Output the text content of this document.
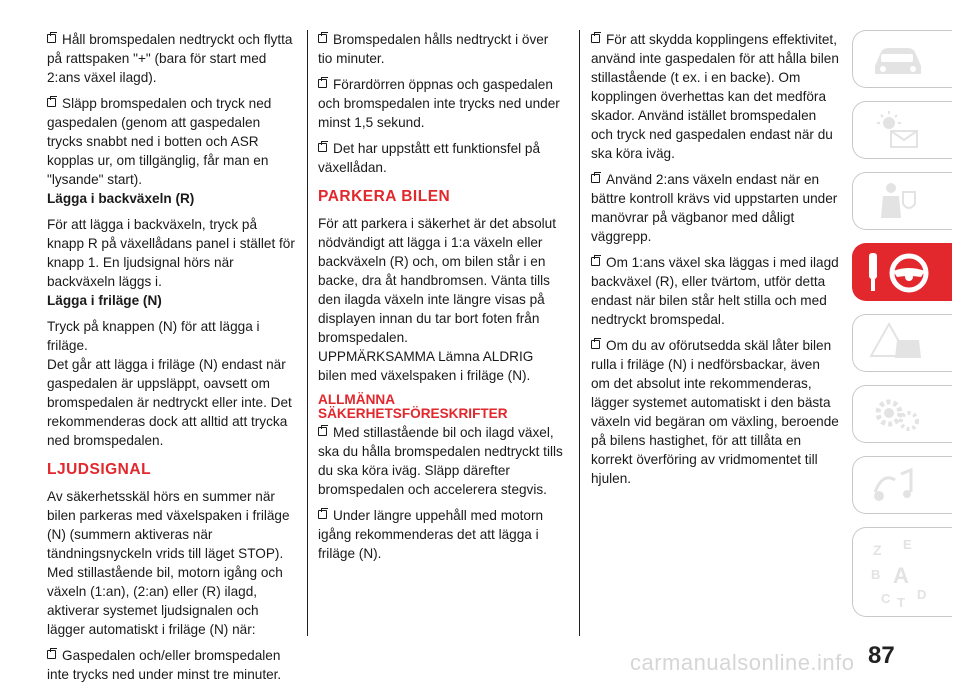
Håll bromspedalen nedtryckt och flytta på rattspaken "+" (bara för start med 2:ans växel ilagd).

Släpp bromspedalen och tryck ned gaspedalen (genom att gaspedalen trycks snabbt ned i botten och ASR kopplas ur, om tillgänglig, får man en "lysande" start).

Lägga i backväxeln (R)

För att lägga i backväxeln, tryck på knapp R på växellådans panel i stället för knapp 1. En ljudsignal hörs när backväxeln läggs i.

Lägga i friläge (N)

Tryck på knappen (N) för att lägga i friläge.

Det går att lägga i friläge (N) endast när gaspedalen är uppsläppt, oavsett om bromspedalen är nedtryckt eller inte. Det rekommenderas dock att alltid att trycka ned bromspedalen.

LJUDSIGNAL

Av säkerhetsskäl hörs en summer när bilen parkeras med växelspaken i friläge (N) (summern aktiveras när tändningsnyckeln vrids till läget STOP). Med stillastående bil, motorn igång och växeln (1:an), (2:an) eller (R) ilagd, aktiverar systemet ljudsignalen och lägger automatiskt i friläge (N) när:

Gaspedalen och/eller bromspedalen inte trycks ned under minst tre minuter.

Bromspedalen hålls nedtryckt i över tio minuter.

Förardörren öppnas och gaspedalen och bromspedalen inte trycks ned under minst 1,5 sekund.

Det har uppstått ett funktionsfel på växellådan.

PARKERA BILEN

För att parkera i säkerhet är det absolut nödvändigt att lägga i 1:a växeln eller backväxeln (R) och, om bilen står i en backe, dra åt handbromsen. Vänta tills den ilagda växeln inte längre visas på displayen innan du tar bort foten från bromspedalen.

UPPMÄRKSAMMA Lämna ALDRIG bilen med växelspaken i friläge (N).

ALLMÄNNA SÄKERHETSFÖRESKRIFTER

Med stillastående bil och ilagd växel, ska du hålla bromspedalen nedtryckt tills du ska köra iväg. Släpp därefter bromspedalen och accelerera stegvis.

Under längre uppehåll med motorn igång rekommenderas det att lägga i friläge (N).

För att skydda kopplingens effektivitet, använd inte gaspedalen för att hålla bilen stillastående (t ex. i en backe). Om kopplingen överhettas kan det medföra skador. Använd istället bromspedalen och tryck ned gaspedalen endast när du ska köra iväg.

Använd 2:ans växeln endast när en bättre kontroll krävs vid uppstarten under manövrar på vägbanor med dåligt väggrepp.

Om 1:ans växel ska läggas i med ilagd backväxel (R), eller tvärtom, utför detta endast när bilen står helt stilla och med nedtryckt bromspedal.

Om du av oförutsedda skäl låter bilen rulla i friläge (N) i nedförsbackar, även om det absolut inte rekommenderas, lägger systemet automatiskt i den bästa växeln vid begäran om växling, beroende på bilens hastighet, för att tillåta en korrekt överföring av vridmomentet till hjulen.

Z E
B A
C T
D
87
carmanualsonline.info
